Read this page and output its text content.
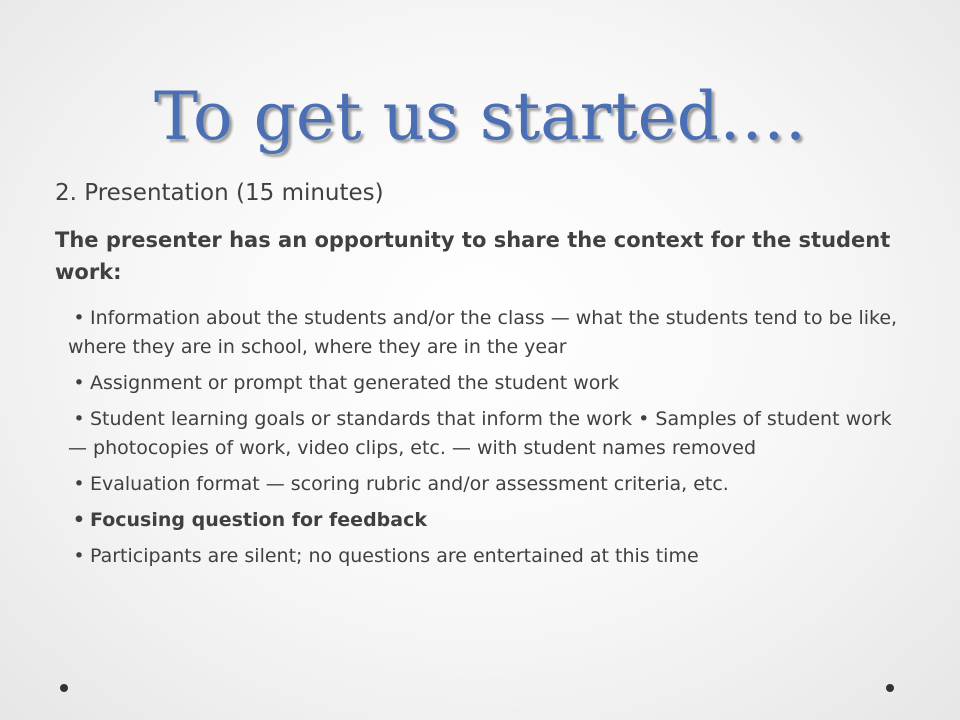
To get us started….
2. Presentation (15 minutes)
The presenter has an opportunity to share the context for the student work:
• Information about the students and/or the class — what the students tend to be like, where they are in school, where they are in the year
• Assignment or prompt that generated the student work
• Student learning goals or standards that inform the work • Samples of student work — photocopies of work, video clips, etc. — with student names removed
• Evaluation format — scoring rubric and/or assessment criteria, etc.
• Focusing question for feedback
• Participants are silent; no questions are entertained at this time
